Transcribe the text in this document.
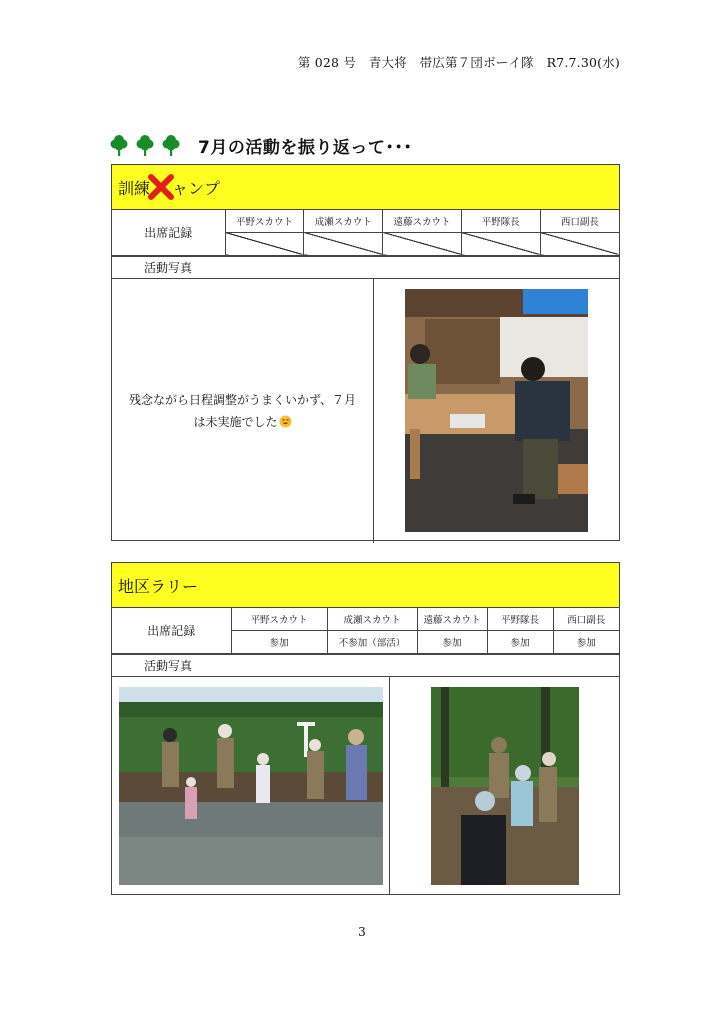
第 028 号　青大将　帯広第７団ボーイ隊　R7.7.30(水)
7月の活動を振り返って･･･
訓練 ャンプ
出席記録	平野スカウト	成瀬スカウト	遠藤スカウト	平野隊長	西口副長

活動写真
残念ながら日程調整がうまくいかず、７月
は未実施でした
地区ラリー
出席記録	平野スカウト	成瀬スカウト	遠藤スカウト	平野隊長	西口副長
	参加	不参加（部活）	参加	参加	参加
活動写真
3
